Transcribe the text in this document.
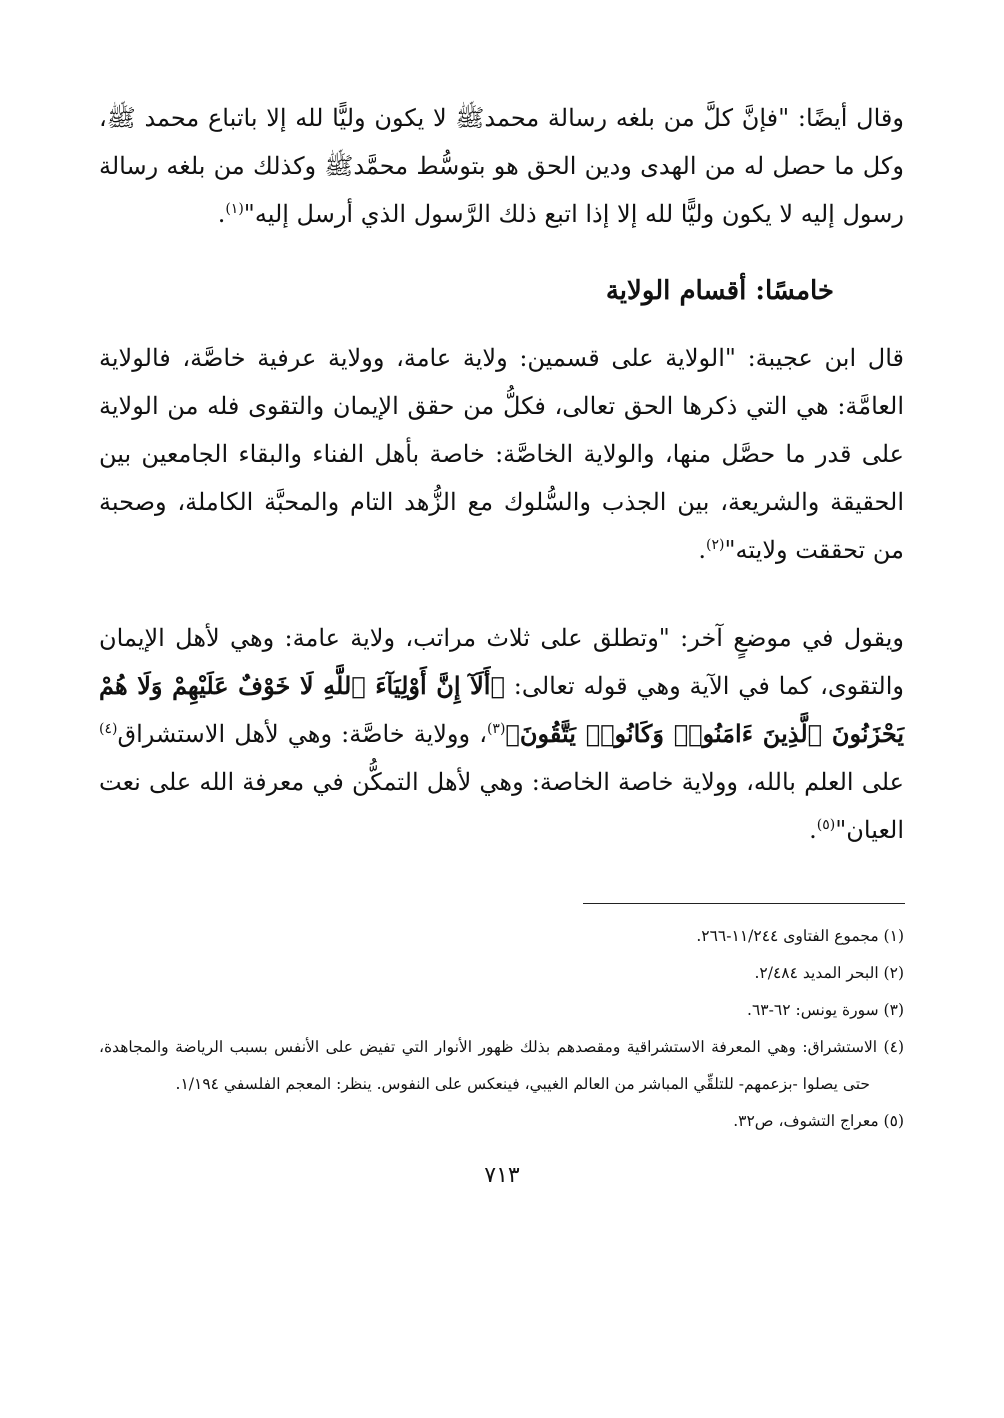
وقال أيضًا: "فإنَّ كلَّ من بلغه رسالة محمدﷺ لا يكون وليًّا لله إلا باتباع محمد ﷺ، وكل ما حصل له من الهدى ودين الحق هو بتوسُّط محمَّدﷺ وكذلك من بلغه رسالة رسول إليه لا يكون وليًّا لله إلا إذا اتبع ذلك الرَّسول الذي أرسل إليه"$^{(١)}$.

خامسًا: أقسام الولاية

قال ابن عجيبة: "الولاية على قسمين: ولاية عامة، وولاية عرفية خاصَّة، فالولاية العامَّة: هي التي ذكرها الحق تعالى، فكلُّ من حقق الإيمان والتقوى فله من الولاية على قدر ما حصَّل منها، والولاية الخاصَّة: خاصة بأهل الفناء والبقاء الجامعين بين الحقيقة والشريعة، بين الجذب والسُّلوك مع الزُّهد التام والمحبَّة الكاملة، وصحبة من تحققت ولايته"$^{(٢)}$.

ويقول في موضعٍ آخر: "وتطلق على ثلاث مراتب، ولاية عامة: وهي لأهل الإيمان والتقوى، كما في الآية وهي قوله تعالى: ﴿أَلَآ إِنَّ أَوْلِيَآءَ ٱللَّهِ لَا خَوْفٌ عَلَيْهِمْ وَلَا هُمْ يَحْزَنُونَ ٱلَّذِينَ ءَامَنُوا۟ وَكَانُوا۟ يَتَّقُونَ﴾$^{(٣)}$، وولاية خاصَّة: وهي لأهل الاستشراق$^{(٤)}$ على العلم بالله، وولاية خاصة الخاصة: وهي لأهل التمكُّن في معرفة الله على نعت العيان"$^{(٥)}$.

(١) مجموع الفتاوى ١١/٢٤٤-٢٦٦.

(٢) البحر المديد ٢/٤٨٤.

(٣) سورة يونس: ٦٢-٦٣.

(٤) الاستشراق: وهي المعرفة الاستشراقية ومقصدهم بذلك ظهور الأنوار التي تفيض على الأنفس بسبب الرياضة والمجاهدة، حتى يصلوا -بزعمهم- للتلقِّي المباشر من العالم الغيبي، فينعكس على النفوس. ينظر: المعجم الفلسفي ١/١٩٤.

(٥) معراج التشوف، ص٣٢.

٧١٣
